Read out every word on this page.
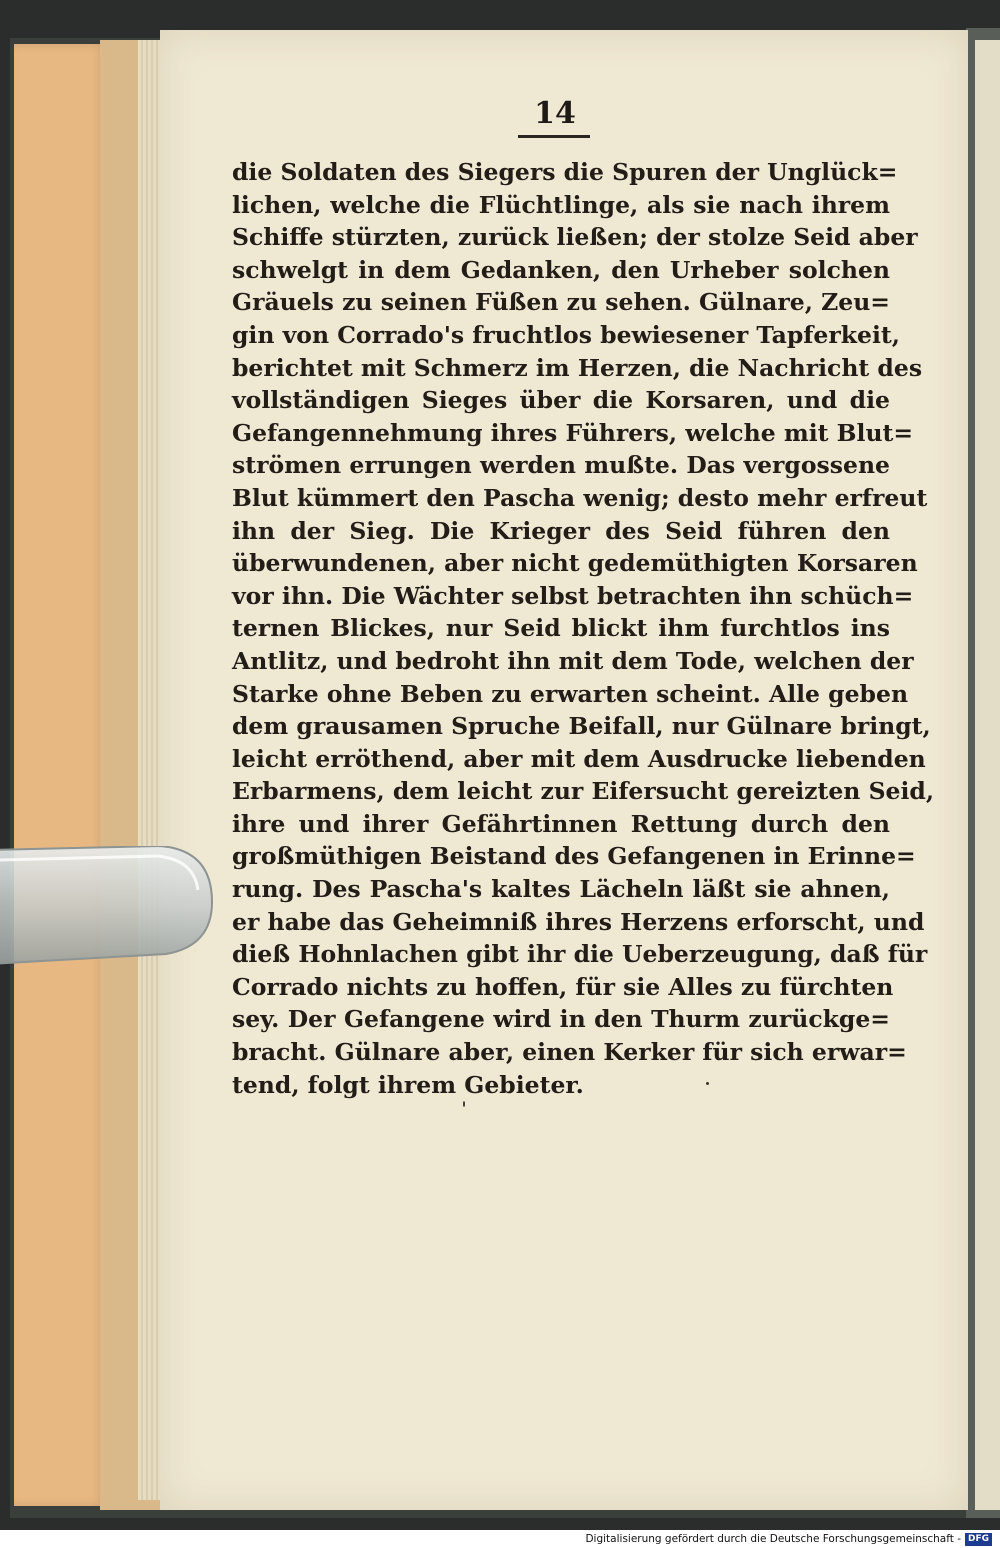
14
die Soldaten des Siegers die Spuren der Unglück=
lichen, welche die Flüchtlinge, als sie nach ihrem
Schiffe stürzten, zurück ließen; der stolze Seid aber
schwelgt in dem Gedanken, den Urheber solchen
Gräuels zu seinen Füßen zu sehen. Gülnare, Zeu=
gin von Corrado's fruchtlos bewiesener Tapferkeit,
berichtet mit Schmerz im Herzen, die Nachricht des
vollständigen Sieges über die Korsaren, und die
Gefangennehmung ihres Führers, welche mit Blut=
strömen errungen werden mußte. Das vergossene
Blut kümmert den Pascha wenig; desto mehr erfreut
ihn der Sieg. Die Krieger des Seid führen den
überwundenen, aber nicht gedemüthigten Korsaren
vor ihn. Die Wächter selbst betrachten ihn schüch=
ternen Blickes, nur Seid blickt ihm furchtlos ins
Antlitz, und bedroht ihn mit dem Tode, welchen der
Starke ohne Beben zu erwarten scheint. Alle geben
dem grausamen Spruche Beifall, nur Gülnare bringt,
leicht erröthend, aber mit dem Ausdrucke liebenden
Erbarmens, dem leicht zur Eifersucht gereizten Seid,
ihre und ihrer Gefährtinnen Rettung durch den
großmüthigen Beistand des Gefangenen in Erinne=
rung. Des Pascha's kaltes Lächeln läßt sie ahnen,
er habe das Geheimniß ihres Herzens erforscht, und
dieß Hohnlachen gibt ihr die Ueberzeugung, daß für
Corrado nichts zu hoffen, für sie Alles zu fürchten
sey. Der Gefangene wird in den Thurm zurückge=
bracht. Gülnare aber, einen Kerker für sich erwar=
tend, folgt ihrem Gebieter.
Digitalisierung gefördert durch die Deutsche Forschungsgemeinschaft - DFG
